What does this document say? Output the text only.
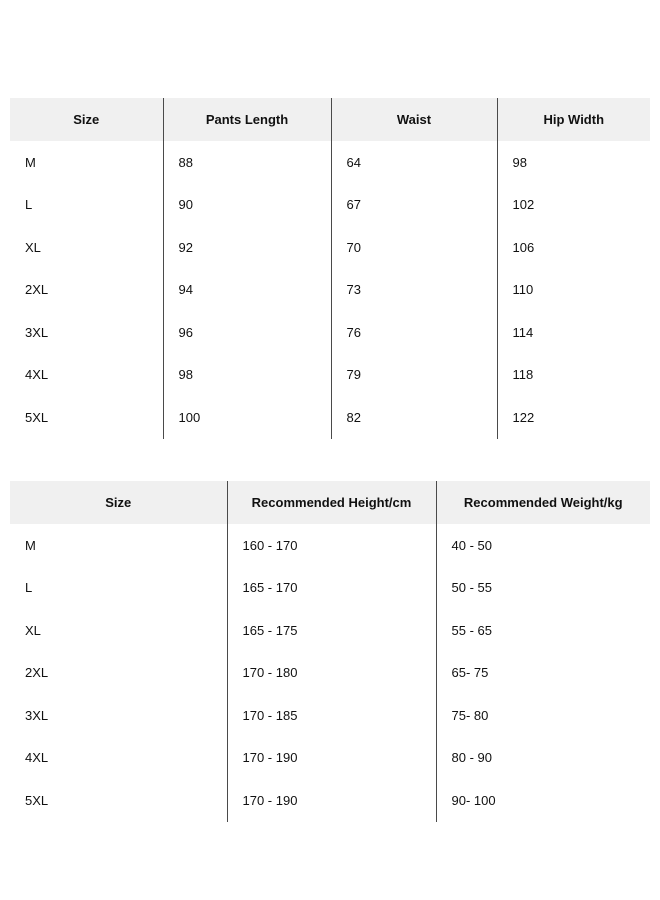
Size	Pants Length	Waist	Hip Width
M	88	64	98
L	90	67	102
XL	92	70	106
2XL	94	73	110
3XL	96	76	114
4XL	98	79	118
5XL	100	82	122
Size	Recommended Height/cm	Recommended Weight/kg
M	160 - 170	40 - 50
L	165 - 170	50 - 55
XL	165 - 175	55 - 65
2XL	170 - 180	65- 75
3XL	170 - 185	75- 80
4XL	170 - 190	80 - 90
5XL	170 - 190	90- 100
